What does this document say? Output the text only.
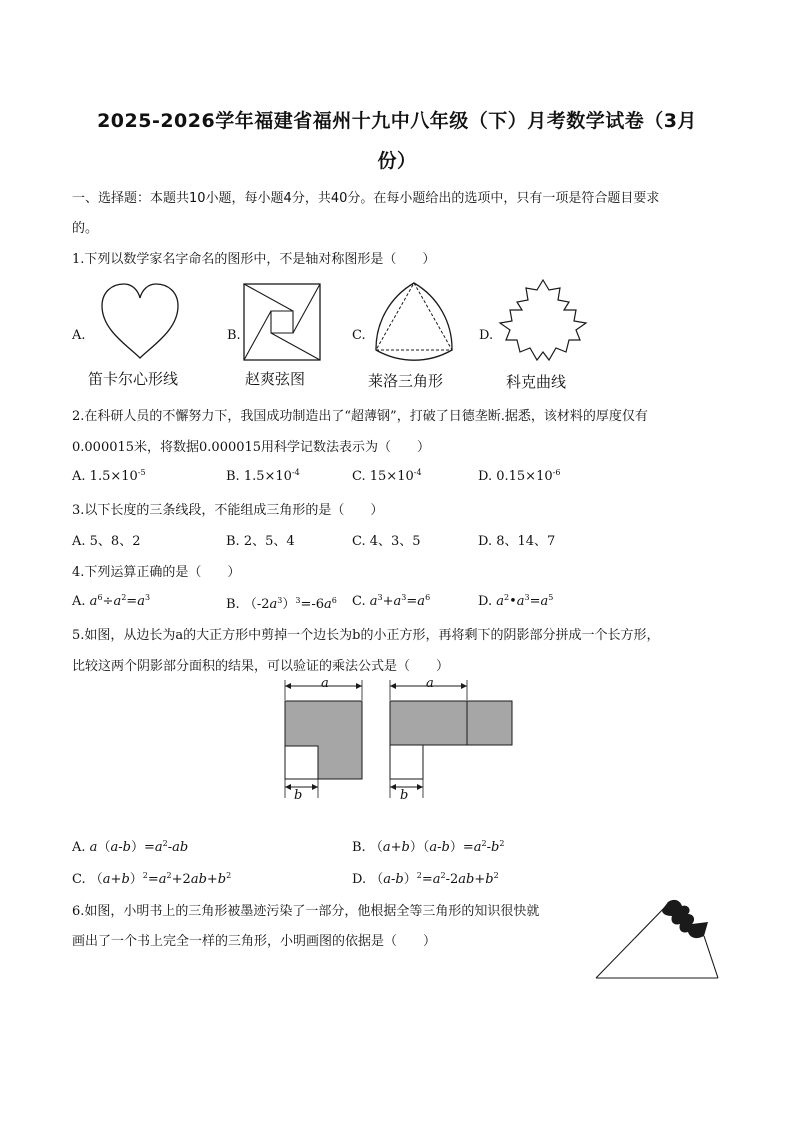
2025-2026学年福建省福州十九中八年级（下）月考数学试卷（3月
份）
一、选择题：本题共10小题，每小题4分，共40分。在每小题给出的选项中，只有一项是符合题目要求
的。
1.下列以数学家名字命名的图形中，不是轴对称图形是（　　）
A.
笛卡尔心形线
B.
赵爽弦图
C.
莱洛三角形
D.
科克曲线
2.在科研人员的不懈努力下，我国成功制造出了“超薄钢”，打破了日德垄断.据悉，该材料的厚度仅有
0.000015米，将数据0.000015用科学记数法表示为（　　）
A. $1.5\times 10^{-5}$	B. $1.5\times 10^{-4}$	C. $15\times 10^{-4}$	D. $0.15\times 10^{-6}$
3.以下长度的三条线段，不能组成三角形的是（　　）
A. 5、8、2	B. 2、5、4	C. 4、3、5	D. 8、14、7
4.下列运算正确的是（　　）
A. $a^6\div a^2=a^3$	B. $(-2a^3)^3=-6a^6$ C. $a^3+a^3=a^6$	D. $a^2•a^3=a^5$
5.如图，从边长为a的大正方形中剪掉一个边长为b的小正方形，再将剩下的阴影部分拼成一个长方形，
比较这两个阴影部分面积的结果，可以验证的乘法公式是（　　）
a
b
a
b
A. $a(a-b)=a^2-ab$	B. $(a+b)(a-b)=a^2-b^2$
C. $(a+b)^2=a^2+2ab+b^2$	D. $(a-b)^2=a^2-2ab+b^2$
6.如图，小明书上的三角形被墨迹污染了一部分，他根据全等三角形的知识很快就
画出了一个书上完全一样的三角形，小明画图的依据是（　　）
